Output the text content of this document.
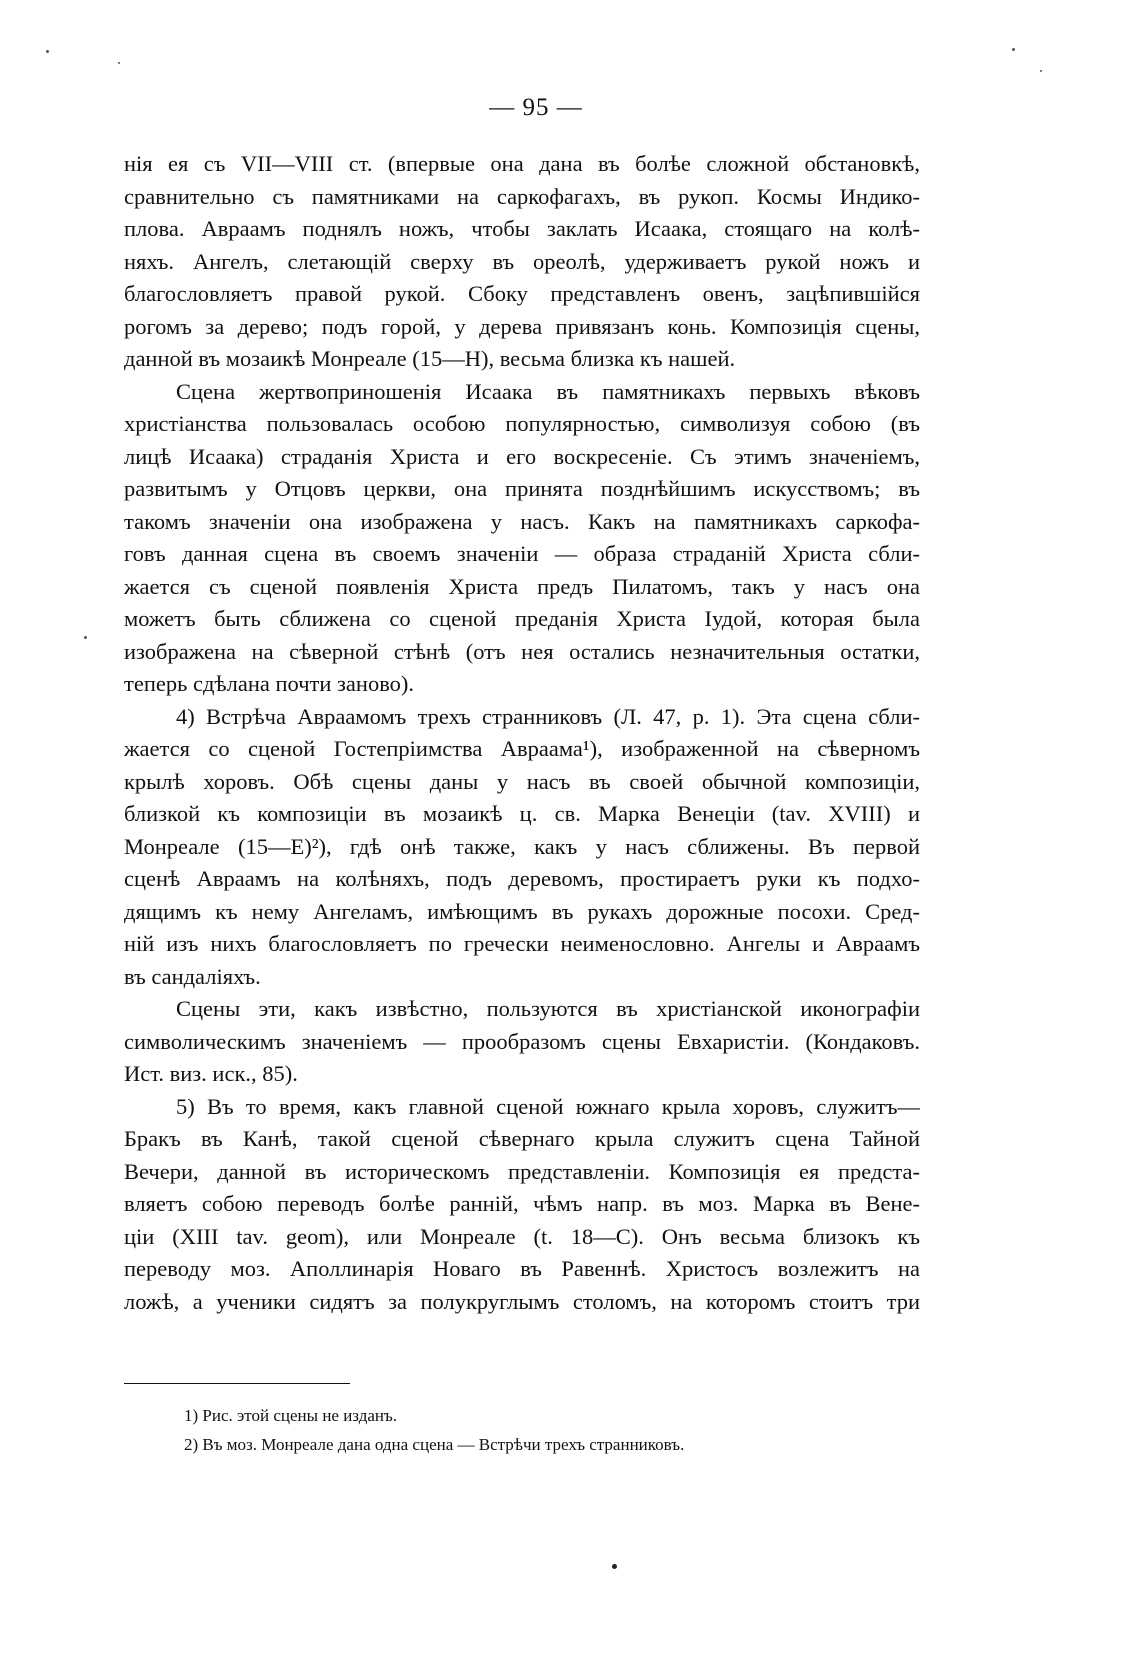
— 95 —
нія ея съ VII—VIII ст. (впервые она дана въ болѣе сложной обстановкѣ,
сравнительно съ памятниками на саркофагахъ, въ рукоп. Космы Индико-
плова. Авраамъ поднялъ ножъ, чтобы заклать Исаака, стоящаго на колѣ-
няхъ. Ангелъ, слетающій сверху въ ореолѣ, удерживаетъ рукой ножъ и
благословляетъ правой рукой. Сбоку представленъ овенъ, зацѣпившійся
рогомъ за дерево; подъ горой, у дерева привязанъ конь. Композиція сцены,
данной въ мозаикѣ Монреале (15—Н), весьма близка къ нашей.
Сцена жертвоприношенія Исаака въ памятникахъ первыхъ вѣковъ
христіанства пользовалась особою популярностью, символизуя собою (въ
лицѣ Исаака) страданія Христа и его воскресеніе. Съ этимъ значеніемъ,
развитымъ у Отцовъ церкви, она принята позднѣйшимъ искусствомъ; въ
такомъ значеніи она изображена у насъ. Какъ на памятникахъ саркофа-
говъ данная сцена въ своемъ значеніи — образа страданій Христа сбли-
жается съ сценой появленія Христа предъ Пилатомъ, такъ у насъ она
можетъ быть сближена со сценой преданія Христа Іудой, которая была
изображена на сѣверной стѣнѣ (отъ нея остались незначительныя остатки,
теперь сдѣлана почти заново).
4) Встрѣча Авраамомъ трехъ странниковъ (Л. 47, р. 1). Эта сцена сбли-
жается со сценой Гостепріимства Авраама¹), изображенной на сѣверномъ
крылѣ хоровъ. Обѣ сцены даны у насъ въ своей обычной композиціи,
близкой къ композиціи въ мозаикѣ ц. св. Марка Венеціи (tav. XVIII) и
Монреале (15—Е)²), гдѣ онѣ также, какъ у насъ сближены. Въ первой
сценѣ Авраамъ на колѣняхъ, подъ деревомъ, простираетъ руки къ подхо-
дящимъ къ нему Ангеламъ, имѣющимъ въ рукахъ дорожные посохи. Сред-
ній изъ нихъ благословляетъ по гречески неименословно. Ангелы и Авраамъ
въ сандаліяхъ.
Сцены эти, какъ извѣстно, пользуются въ христіанской иконографіи
символическимъ значеніемъ — прообразомъ сцены Евхаристіи. (Кондаковъ.
Ист. виз. иск., 85).
5) Въ то время, какъ главной сценой южнаго крыла хоровъ, служитъ—
Бракъ въ Канѣ, такой сценой сѣвернаго крыла служитъ сцена Тайной
Вечери, данной въ историческомъ представленіи. Композиція ея предста-
вляетъ собою переводъ болѣе ранній, чѣмъ напр. въ моз. Марка въ Вене-
ціи (XIII tav. geom), или Монреале (t. 18—С). Онъ весьма близокъ къ
переводу моз. Аполлинарія Новаго въ Равеннѣ. Христосъ возлежитъ на
ложѣ, а ученики сидятъ за полукруглымъ столомъ, на которомъ стоитъ три
1) Рис. этой сцены не изданъ.
2) Въ моз. Монреале дана одна сцена — Встрѣчи трехъ странниковъ.
